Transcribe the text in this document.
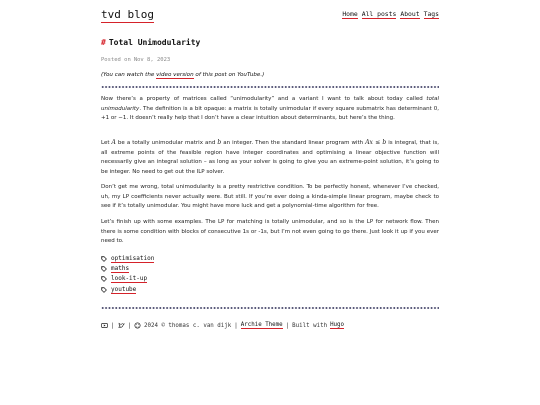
tvd blog	Home All posts About Tags
# Total Unimodularity
Posted on Nov 8, 2023
(You can watch the video version of this post on YouTube.)

Now there’s a property of matrices called “unimodularity” and a variant I want to talk about today called total unimodularity. The definition is a bit opaque: a matrix is totally unimodular if every square submatrix has determinant 0, +1 or −1. It doesn’t really help that I don’t have a clear intuition about determinants, but here’s the thing.

Let A be a totally unimodular matrix and b an integer. Then the standard linear program with Ax ≤ b is integral, that is, all extreme points of the feasible region have integer coordinates and optimising a linear objective function will necessarily give an integral solution – as long as your solver is going to give you an extreme-point solution, it’s going to be integer. No need to get out the ILP solver.

Don’t get me wrong, total unimodularity is a pretty restrictive condition. To be perfectly honest, whenever I’ve checked, uh, my LP coefficients never actually were. But still. If you’re ever doing a kinda-simple linear program, maybe check to see if it’s totally unimodular. You might have more luck and get a polynomial-time algorithm for free.

Let’s finish up with some examples. The LP for matching is totally unimodular, and so is the LP for network flow. Then there is some condition with blocks of consecutive 1s or -1s, but I’m not even going to go there. Just look it up if you ever need to.

optimisation
maths
look-it-up
youtube
| | 2024 © thomas c. van dijk | Archie Theme | Built with Hugo
